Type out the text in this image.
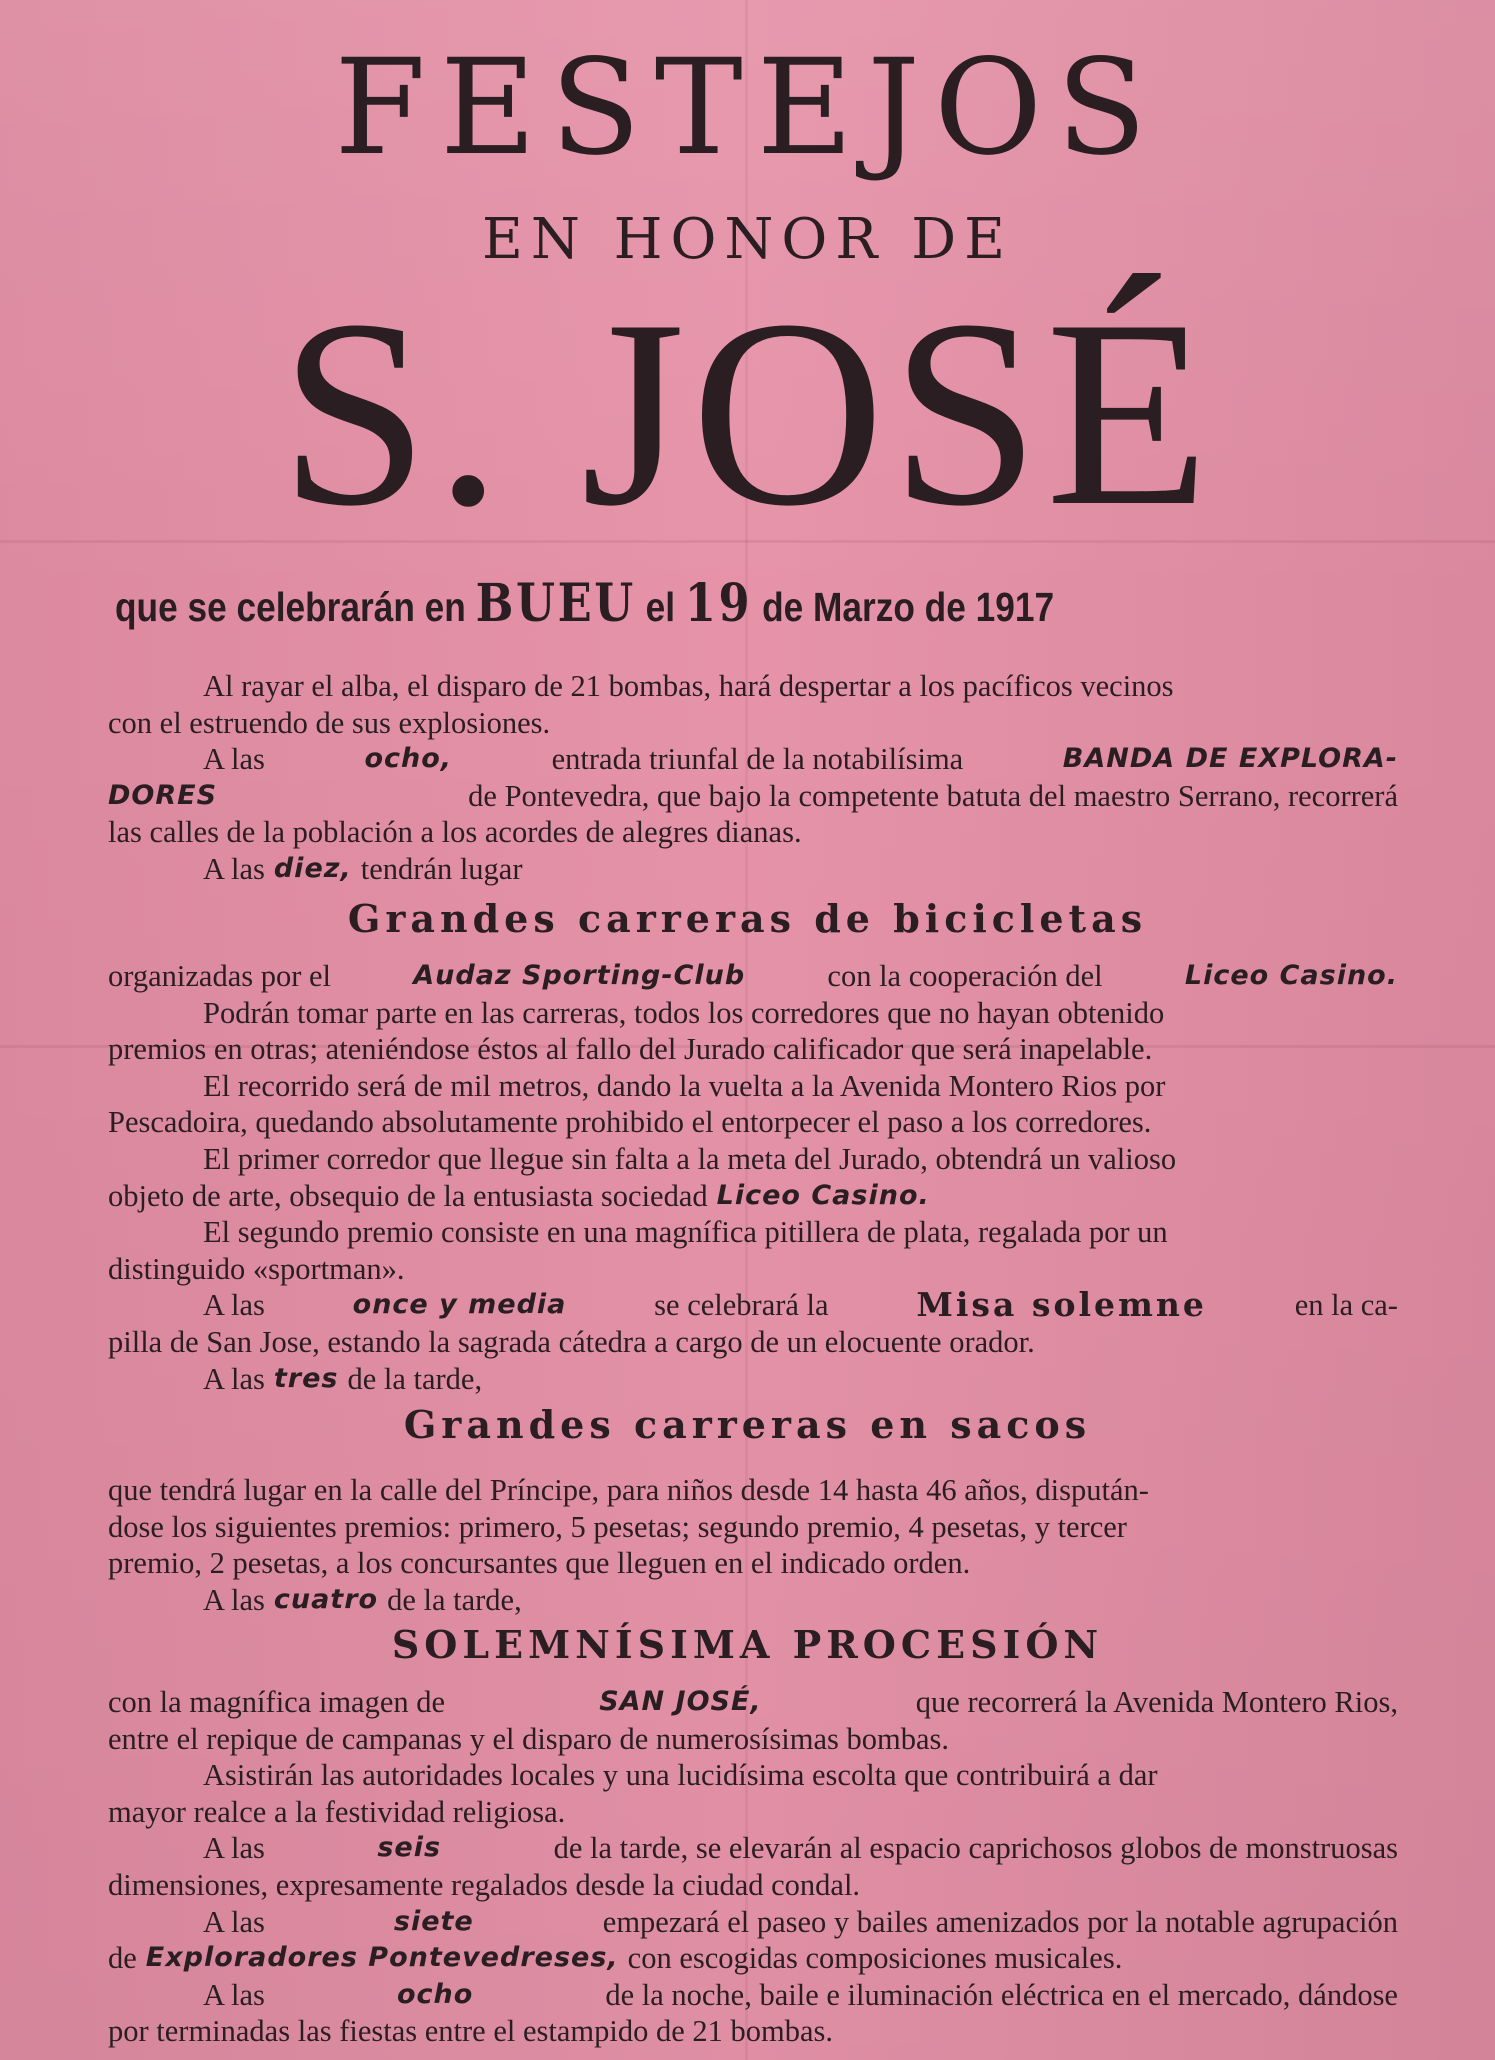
FESTEJOS
EN HONOR DE
S. JOSÉ
que se celebrarán en BUEU el 19 de Marzo de 1917
Al rayar el alba, el disparo de 21 bombas, hará despertar a los pacíficos vecinos
con el estruendo de sus explosiones.
A las	ocho,	entrada triunfal de la notabilísima	BANDA DE EXPLORA-
DORES	de Pontevedra, que bajo la competente batuta del maestro Serrano, recorrerá
las calles de la población a los acordes de alegres dianas.
A las diez, tendrán lugar
Grandes carreras de bicicletas
organizadas por el	Audaz Sporting-Club	con la cooperación del	Liceo Casino.
Podrán tomar parte en las carreras, todos los corredores que no hayan obtenido
premios en otras; ateniéndose éstos al fallo del Jurado calificador que será inapelable.
El recorrido será de mil metros, dando la vuelta a la Avenida Montero Rios por
Pescadoira, quedando absolutamente prohibido el entorpecer el paso a los corredores.
El primer corredor que llegue sin falta a la meta del Jurado, obtendrá un valioso
objeto de arte, obsequio de la entusiasta sociedad Liceo Casino.
El segundo premio consiste en una magnífica pitillera de plata, regalada por un
distinguido «sportman».
A las	once y media	se celebrará la	Misa solemne	en la ca-
pilla de San Jose, estando la sagrada cátedra a cargo de un elocuente orador.
A las tres de la tarde,
Grandes carreras en sacos
que tendrá lugar en la calle del Príncipe, para niños desde 14 hasta 46 años, dispután-
dose los siguientes premios: primero, 5 pesetas; segundo premio, 4 pesetas, y tercer
premio, 2 pesetas, a los concursantes que lleguen en el indicado orden.
A las cuatro de la tarde,
SOLEMNÍSIMA PROCESIÓN
con la magnífica imagen de	SAN JOSÉ,	que recorrerá la Avenida Montero Rios,
entre el repique de campanas y el disparo de numerosísimas bombas.
Asistirán las autoridades locales y una lucidísima escolta que contribuirá a dar
mayor realce a la festividad religiosa.
A las	seis	de la tarde, se elevarán al espacio caprichosos globos de monstruosas
dimensiones, expresamente regalados desde la ciudad condal.
A las	siete	empezará el paseo y bailes amenizados por la notable agrupación
de Exploradores Pontevedreses, con escogidas composiciones musicales.
A las	ocho	de la noche, baile e iluminación eléctrica en el mercado, dándose
por terminadas las fiestas entre el estampido de 21 bombas.
